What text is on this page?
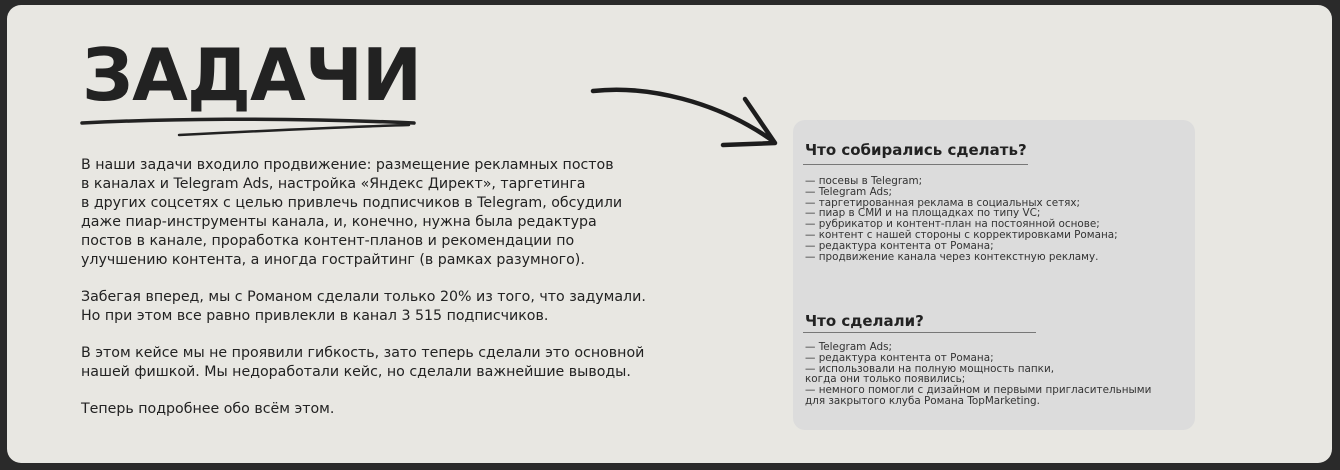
ЗАДАЧИ

В наши задачи входило продвижение: размещение рекламных постов
в каналах и Telegram Ads, настройка «Яндекс Директ», таргетинга
в других соцсетях с целью привлечь подписчиков в Telegram, обсудили
даже пиар-инструменты канала, и, конечно, нужна была редактура
постов в канале, проработка контент-планов и рекомендации по
улучшению контента, а иногда гострайтинг (в рамках разумного).

Забегая вперед, мы с Романом сделали только 20% из того, что задумали.
Но при этом все равно привлекли в канал 3 515 подписчиков.

В этом кейсе мы не проявили гибкость, зато теперь сделали это основной
нашей фишкой. Мы недоработали кейс, но сделали важнейшие выводы.

Теперь подробнее обо всём этом.

Что собирались сделать?
— посевы в Telegram;
— Telegram Ads;
— таргетированная реклама в социальных сетях;
— пиар в СМИ и на площадках по типу VC;
— рубрикатор и контент-план на постоянной основе;
— контент с нашей стороны с корректировками Романа;
— редактура контента от Романа;
— продвижение канала через контекстную рекламу.
Что сделали?
— Telegram Ads;
— редактура контента от Романа;
— использовали на полную мощность папки,
когда они только появились;
— немного помогли с дизайном и первыми пригласительными
для закрытого клуба Романа TopMarketing.
